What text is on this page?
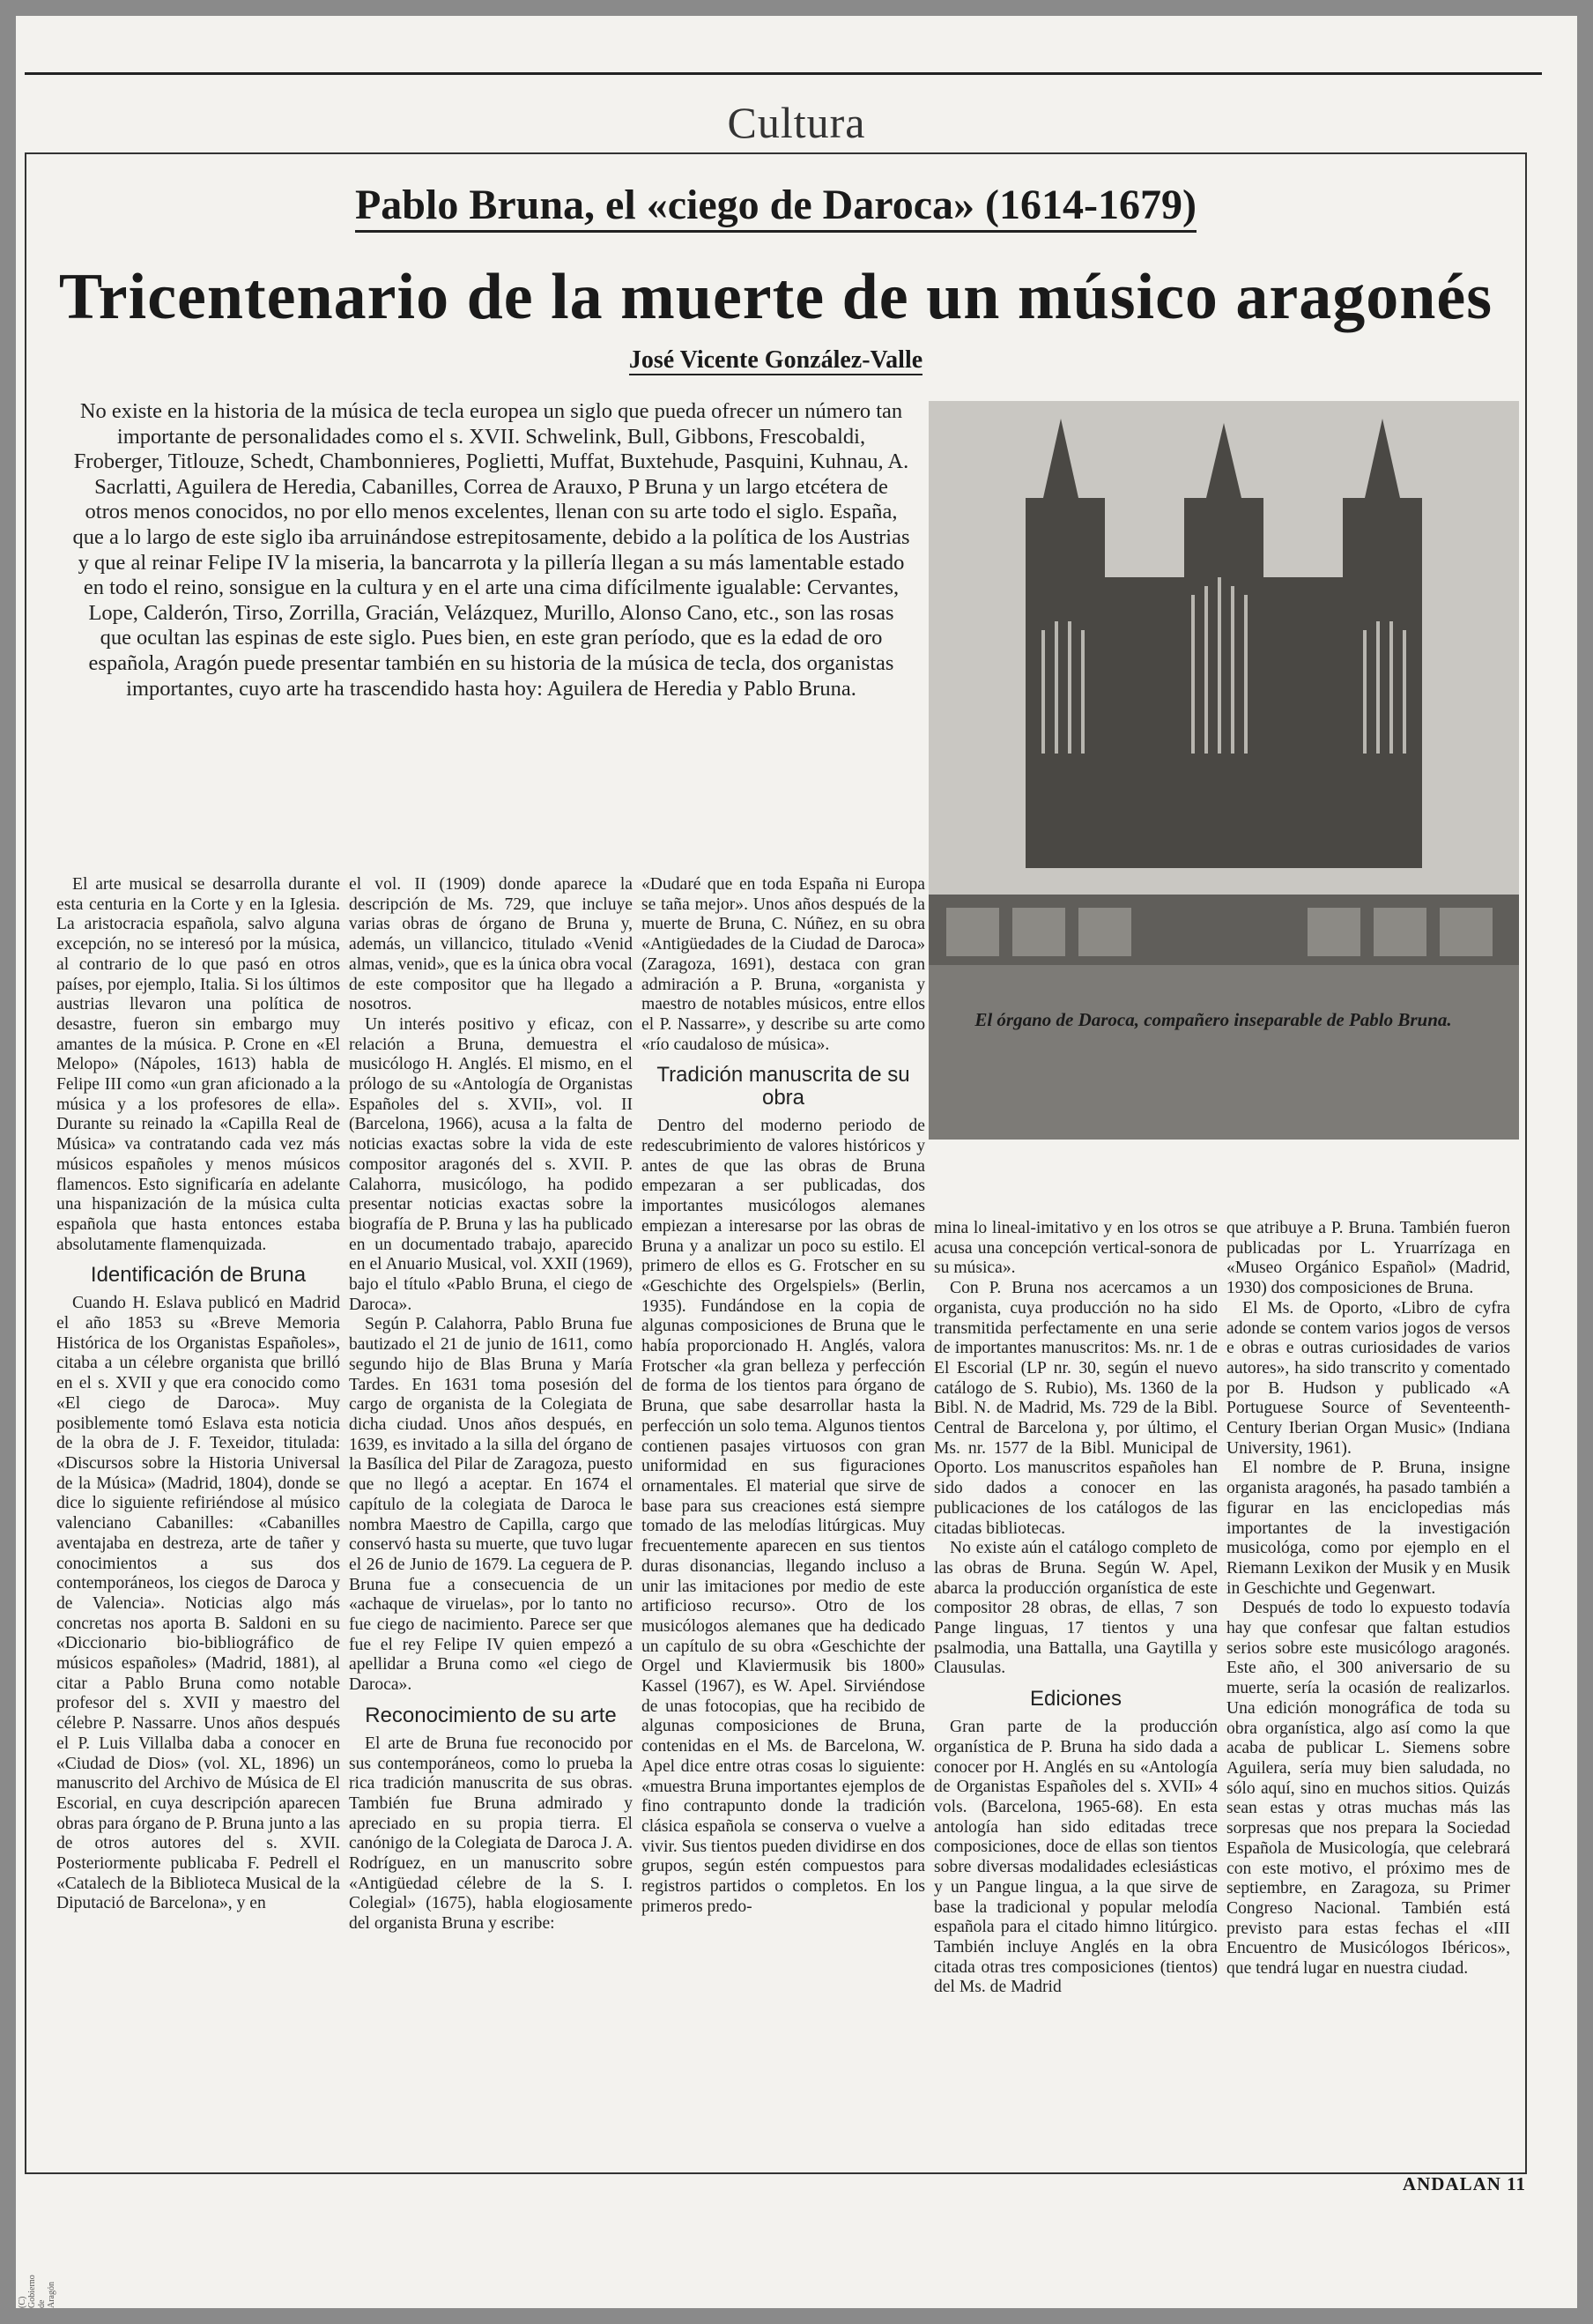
Cultura
Pablo Bruna, el «ciego de Daroca» (1614-1679)
Tricentenario de la muerte de un músico aragonés
José Vicente González-Valle
No existe en la historia de la música de tecla europea un siglo que pueda ofrecer un número tan importante de personalidades como el s. XVII. Schwelink, Bull, Gibbons, Frescobaldi, Froberger, Titlouze, Schedt, Chambonnieres, Poglietti, Muffat, Buxtehude, Pasquini, Kuhnau, A. Sacrlatti, Aguilera de Heredia, Cabanilles, Correa de Arauxo, P Bruna y un largo etcétera de otros menos conocidos, no por ello menos excelentes, llenan con su arte todo el siglo. España, que a lo largo de este siglo iba arruinándose estrepitosamente, debido a la política de los Austrias y que al reinar Felipe IV la miseria, la bancarrota y la pillería llegan a su más lamentable estado en todo el reino, sonsigue en la cultura y en el arte una cima difícilmente igualable: Cervantes, Lope, Calderón, Tirso, Zorrilla, Gracián, Velázquez, Murillo, Alonso Cano, etc., son las rosas que ocultan las espinas de este siglo. Pues bien, en este gran período, que es la edad de oro española, Aragón puede presentar también en su historia de la música de tecla, dos organistas importantes, cuyo arte ha trascendido hasta hoy: Aguilera de Heredia y Pablo Bruna.
El órgano de Daroca, compañero inseparable de Pablo Bruna.

El arte musical se desarrolla durante esta centuria en la Corte y en la Iglesia. La aristocracia española, salvo alguna excepción, no se interesó por la música, al contrario de lo que pasó en otros países, por ejemplo, Italia. Si los últimos austrias llevaron una política de desastre, fueron sin embargo muy amantes de la música. P. Crone en «El Melopo» (Nápoles, 1613) habla de Felipe III como «un gran aficionado a la música y a los profesores de ella». Durante su reinado la «Capilla Real de Música» va contratando cada vez más músicos españoles y menos músicos flamencos. Esto significaría en adelante una hispanización de la música culta española que hasta entonces estaba absolutamente flamenquizada.

Identificación de Bruna

Cuando H. Eslava publicó en Madrid el año 1853 su «Breve Memoria Histórica de los Organistas Españoles», citaba a un célebre organista que brilló en el s. XVII y que era conocido como «El ciego de Daroca». Muy posiblemente tomó Eslava esta noticia de la obra de J. F. Texeidor, titulada: «Discursos sobre la Historia Universal de la Música» (Madrid, 1804), donde se dice lo siguiente refiriéndose al músico valenciano Cabanilles: «Cabanilles aventajaba en destreza, arte de tañer y conocimientos a sus dos contemporáneos, los ciegos de Daroca y de Valencia». Noticias algo más concretas nos aporta B. Saldoni en su «Diccionario bio-bibliográfico de músicos españoles» (Madrid, 1881), al citar a Pablo Bruna como notable profesor del s. XVII y maestro del célebre P. Nassarre. Unos años después el P. Luis Villalba daba a conocer en «Ciudad de Dios» (vol. XL, 1896) un manuscrito del Archivo de Música de El Escorial, en cuya descripción aparecen obras para órgano de P. Bruna junto a las de otros autores del s. XVII. Posteriormente publicaba F. Pedrell el «Catalech de la Biblioteca Musical de la Diputació de Barcelona», y en

el vol. II (1909) donde aparece la descripción de Ms. 729, que incluye varias obras de órgano de Bruna y, además, un villancico, titulado «Venid almas, venid», que es la única obra vocal de este compositor que ha llegado a nosotros.

Un interés positivo y eficaz, con relación a Bruna, demuestra el musicólogo H. Anglés. El mismo, en el prólogo de su «Antología de Organistas Españoles del s. XVII», vol. II (Barcelona, 1966), acusa a la falta de noticias exactas sobre la vida de este compositor aragonés del s. XVII. P. Calahorra, musicólogo, ha podido presentar noticias exactas sobre la biografía de P. Bruna y las ha publicado en un documentado trabajo, aparecido en el Anuario Musical, vol. XXII (1969), bajo el título «Pablo Bruna, el ciego de Daroca».

Según P. Calahorra, Pablo Bruna fue bautizado el 21 de junio de 1611, como segundo hijo de Blas Bruna y María Tardes. En 1631 toma posesión del cargo de organista de la Colegiata de dicha ciudad. Unos años después, en 1639, es invitado a la silla del órgano de la Basílica del Pilar de Zaragoza, puesto que no llegó a aceptar. En 1674 el capítulo de la colegiata de Daroca le nombra Maestro de Capilla, cargo que conservó hasta su muerte, que tuvo lugar el 26 de Junio de 1679. La ceguera de P. Bruna fue a consecuencia de un «achaque de viruelas», por lo tanto no fue ciego de nacimiento. Parece ser que fue el rey Felipe IV quien empezó a apellidar a Bruna como «el ciego de Daroca».

Reconocimiento de su arte

El arte de Bruna fue reconocido por sus contemporáneos, como lo prueba la rica tradición manuscrita de sus obras. También fue Bruna admirado y apreciado en su propia tierra. El canónigo de la Colegiata de Daroca J. A. Rodríguez, en un manuscrito sobre «Antigüedad célebre de la S. I. Colegial» (1675), habla elogiosamente del organista Bruna y escribe:

«Dudaré que en toda España ni Europa se taña mejor». Unos años después de la muerte de Bruna, C. Núñez, en su obra «Antigüedades de la Ciudad de Daroca» (Zaragoza, 1691), destaca con gran admiración a P. Bruna, «organista y maestro de notables músicos, entre ellos el P. Nassarre», y describe su arte como «río caudaloso de música».

Tradición manuscrita de su obra

Dentro del moderno periodo de redescubrimiento de valores históricos y antes de que las obras de Bruna empezaran a ser publicadas, dos importantes musicólogos alemanes empiezan a interesarse por las obras de Bruna y a analizar un poco su estilo. El primero de ellos es G. Frotscher en su «Geschichte des Orgelspiels» (Berlin, 1935). Fundándose en la copia de algunas composiciones de Bruna que le había proporcionado H. Anglés, valora Frotscher «la gran belleza y perfección de forma de los tientos para órgano de Bruna, que sabe desarrollar hasta la perfección un solo tema. Algunos tientos contienen pasajes virtuosos con gran uniformidad en sus figuraciones ornamentales. El material que sirve de base para sus creaciones está siempre tomado de las melodías litúrgicas. Muy frecuentemente aparecen en sus tientos duras disonancias, llegando incluso a unir las imitaciones por medio de este artificioso recurso». Otro de los musicólogos alemanes que ha dedicado un capítulo de su obra «Geschichte der Orgel und Klaviermusik bis 1800» Kassel (1967), es W. Apel. Sirviéndose de unas fotocopias, que ha recibido de algunas composiciones de Bruna, contenidas en el Ms. de Barcelona, W. Apel dice entre otras cosas lo siguiente: «muestra Bruna importantes ejemplos de fino contrapunto donde la tradición clásica española se conserva o vuelve a vivir. Sus tientos pueden dividirse en dos grupos, según estén compuestos para registros partidos o completos. En los primeros predo-

mina lo lineal-imitativo y en los otros se acusa una concepción vertical-sonora de su música».

Con P. Bruna nos acercamos a un organista, cuya producción no ha sido transmitida perfectamente en una serie de importantes manuscritos: Ms. nr. 1 de El Escorial (LP nr. 30, según el nuevo catálogo de S. Rubio), Ms. 1360 de la Bibl. N. de Madrid, Ms. 729 de la Bibl. Central de Barcelona y, por último, el Ms. nr. 1577 de la Bibl. Municipal de Oporto. Los manuscritos españoles han sido dados a conocer en las publicaciones de los catálogos de las citadas bibliotecas.

No existe aún el catálogo completo de las obras de Bruna. Según W. Apel, abarca la producción organística de este compositor 28 obras, de ellas, 7 son Pange linguas, 17 tientos y una psalmodia, una Battalla, una Gaytilla y Clausulas.

Ediciones

Gran parte de la producción organística de P. Bruna ha sido dada a conocer por H. Anglés en su «Antología de Organistas Españoles del s. XVII» 4 vols. (Barcelona, 1965-68). En esta antología han sido editadas trece composiciones, doce de ellas son tientos sobre diversas modalidades eclesiásticas y un Pangue lingua, a la que sirve de base la tradicional y popular melodía española para el citado himno litúrgico. También incluye Anglés en la obra citada otras tres composiciones (tientos) del Ms. de Madrid

que atribuye a P. Bruna. También fueron publicadas por L. Yruarrízaga en «Museo Orgánico Español» (Madrid, 1930) dos composiciones de Bruna.

El Ms. de Oporto, «Libro de cyfra adonde se contem varios jogos de versos e obras e outras curiosidades de varios autores», ha sido transcrito y comentado por B. Hudson y publicado «A Portuguese Source of Seventeenth-Century Iberian Organ Music» (Indiana University, 1961).

El nombre de P. Bruna, insigne organista aragonés, ha pasado también a figurar en las enciclopedias más importantes de la investigación musicológa, como por ejemplo en el Riemann Lexikon der Musik y en Musik in Geschichte und Gegenwart.

Después de todo lo expuesto todavía hay que confesar que faltan estudios serios sobre este musicólogo aragonés. Este año, el 300 aniversario de su muerte, sería la ocasión de realizarlos. Una edición monográfica de toda su obra organística, algo así como la que acaba de publicar L. Siemens sobre Aguilera, sería muy bien saludada, no sólo aquí, sino en muchos sitios. Quizás sean estas y otras muchas más las sorpresas que nos prepara la Sociedad Española de Musicología, que celebrará con este motivo, el próximo mes de septiembre, en Zaragoza, su Primer Congreso Nacional. También está previsto para estas fechas el «III Encuentro de Musicólogos Ibéricos», que tendrá lugar en nuestra ciudad.

ANDALAN 11
(C) Gobierno de Aragón
